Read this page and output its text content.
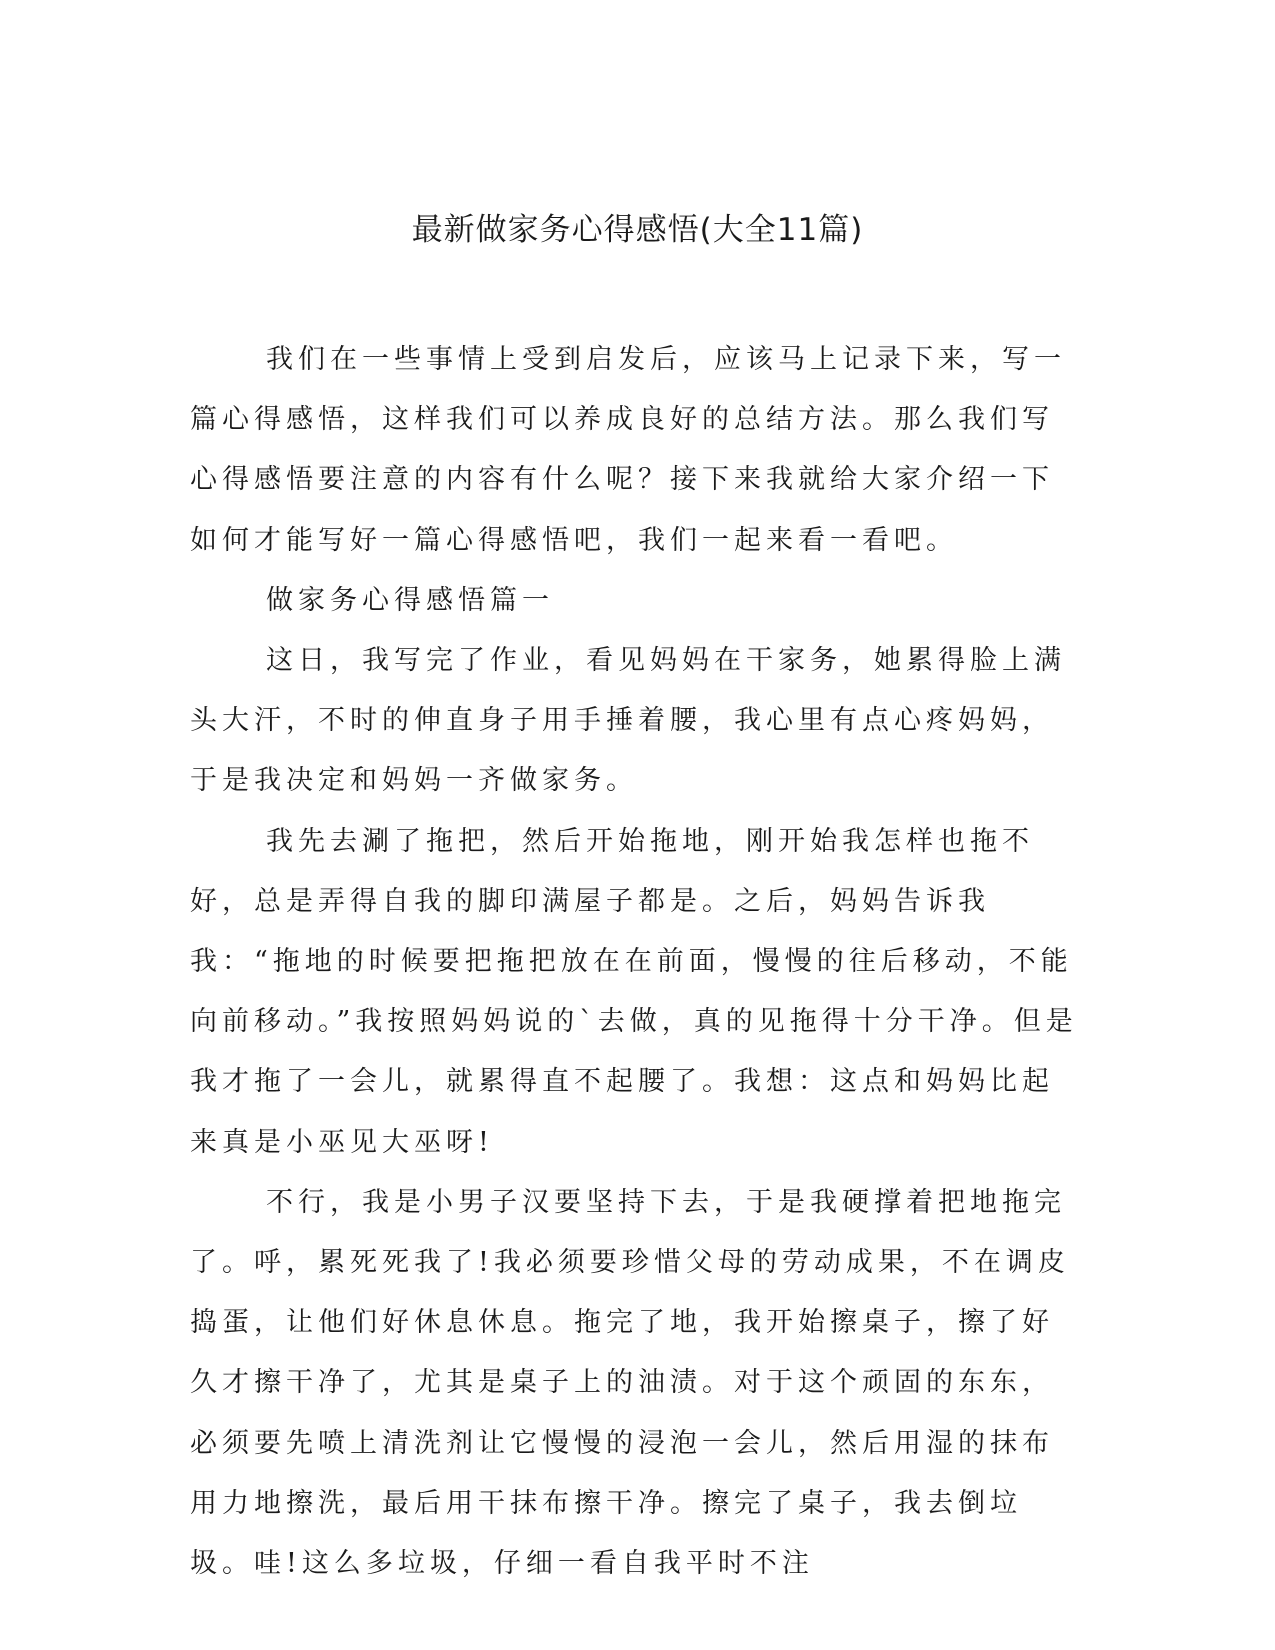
最新做家务心得感悟(大全11篇)

我们在一些事情上受到启发后，应该马上记录下来，写一篇心得感悟，这样我们可以养成良好的总结方法。那么我们写心得感悟要注意的内容有什么呢？接下来我就给大家介绍一下如何才能写好一篇心得感悟吧，我们一起来看一看吧。

做家务心得感悟篇一

这日，我写完了作业，看见妈妈在干家务，她累得脸上满头大汗，不时的伸直身子用手捶着腰，我心里有点心疼妈妈，于是我决定和妈妈一齐做家务。

我先去涮了拖把，然后开始拖地，刚开始我怎样也拖不好，总是弄得自我的脚印满屋子都是。之后，妈妈告诉我我：“拖地的时候要把拖把放在在前面，慢慢的往后移动，不能向前移动。”我按照妈妈说的`去做，真的见拖得十分干净。但是我才拖了一会儿，就累得直不起腰了。我想：这点和妈妈比起来真是小巫见大巫呀!

不行，我是小男子汉要坚持下去，于是我硬撑着把地拖完了。呼，累死死我了!我必须要珍惜父母的劳动成果，不在调皮捣蛋，让他们好休息休息。拖完了地，我开始擦桌子，擦了好久才擦干净了，尤其是桌子上的油渍。对于这个顽固的东东，必须要先喷上清洗剂让它慢慢的浸泡一会儿，然后用湿的抹布用力地擦洗，最后用干抹布擦干净。擦完了桌子，我去倒垃圾。哇!这么多垃圾，仔细一看自我平时不注
